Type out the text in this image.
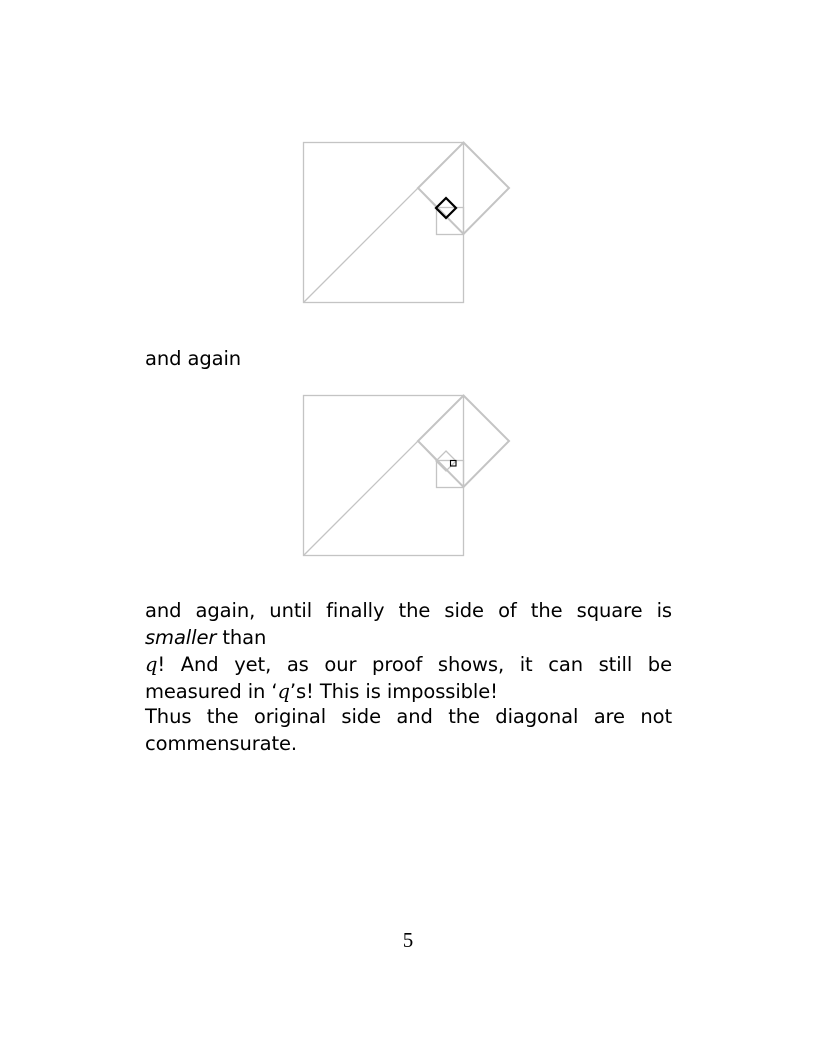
and again
and again, until finally the side of the square is smaller than
q! And yet, as our proof shows, it can still be measured in ‘q’s! This is impossible!
Thus the original side and the diagonal are not commensurate.
5
